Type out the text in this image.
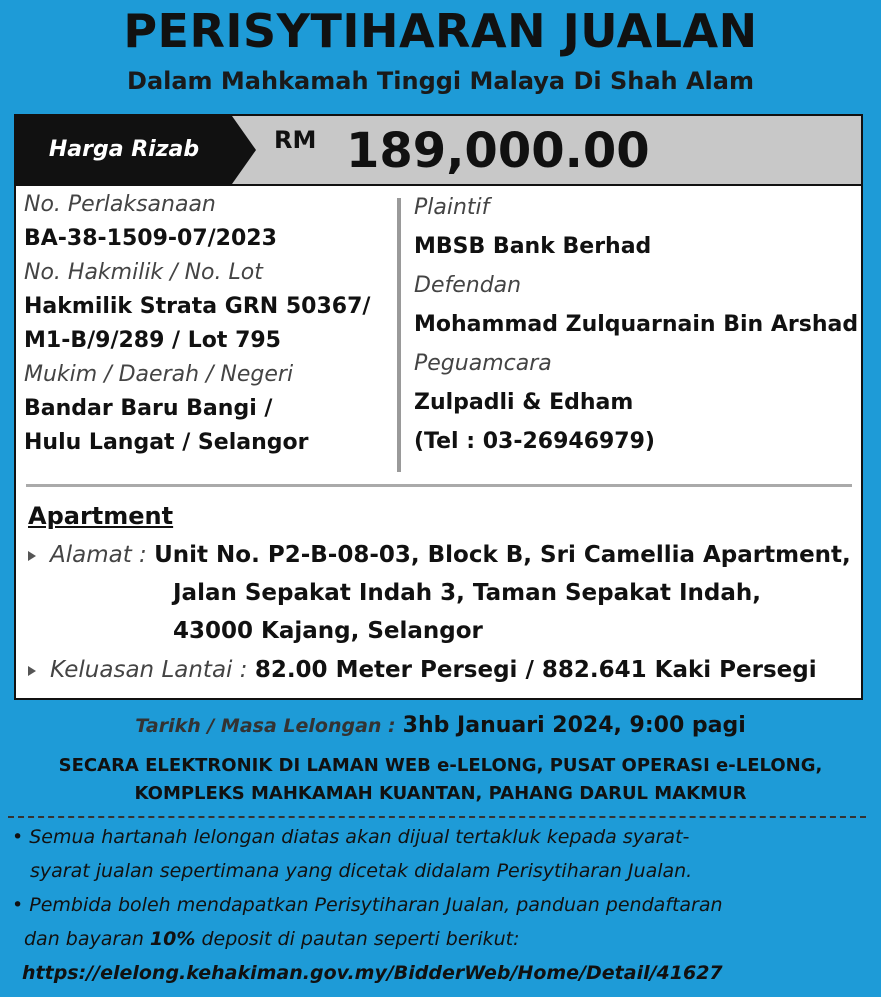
PERISYTIHARAN JUALAN
Dalam Mahkamah Tinggi Malaya Di Shah Alam
Harga Rizab	RM 189,000.00
No. Perlaksanaan
BA-38-1509-07/2023
No. Hakmilik / No. Lot
Hakmilik Strata GRN 50367/
M1-B/9/289 / Lot 795
Mukim / Daerah / Negeri
Bandar Baru Bangi /
Hulu Langat / Selangor
Plaintif
MBSB Bank Berhad
Defendan
Mohammad Zulquarnain Bin Arshad
Peguamcara
Zulpadli & Edham
(Tel : 03-26946979)
Apartment
Alamat : Unit No. P2-B-08-03, Block B, Sri Camellia Apartment,
Jalan Sepakat Indah 3, Taman Sepakat Indah,
43000 Kajang, Selangor
Keluasan Lantai : 82.00 Meter Persegi / 882.641 Kaki Persegi
Tarikh / Masa Lelongan : 3hb Januari 2024, 9:00 pagi
SECARA ELEKTRONIK DI LAMAN WEB e-LELONG, PUSAT OPERASI e-LELONG,
KOMPLEKS MAHKAMAH KUANTAN, PAHANG DARUL MAKMUR
• Semua hartanah lelongan diatas akan dijual tertakluk kepada syarat-
syarat jualan sepertimana yang dicetak didalam Perisytiharan Jualan.
• Pembida boleh mendapatkan Perisytiharan Jualan, panduan pendaftaran
dan bayaran 10% deposit di pautan seperti berikut:
https://elelong.kehakiman.gov.my/BidderWeb/Home/Detail/41627
